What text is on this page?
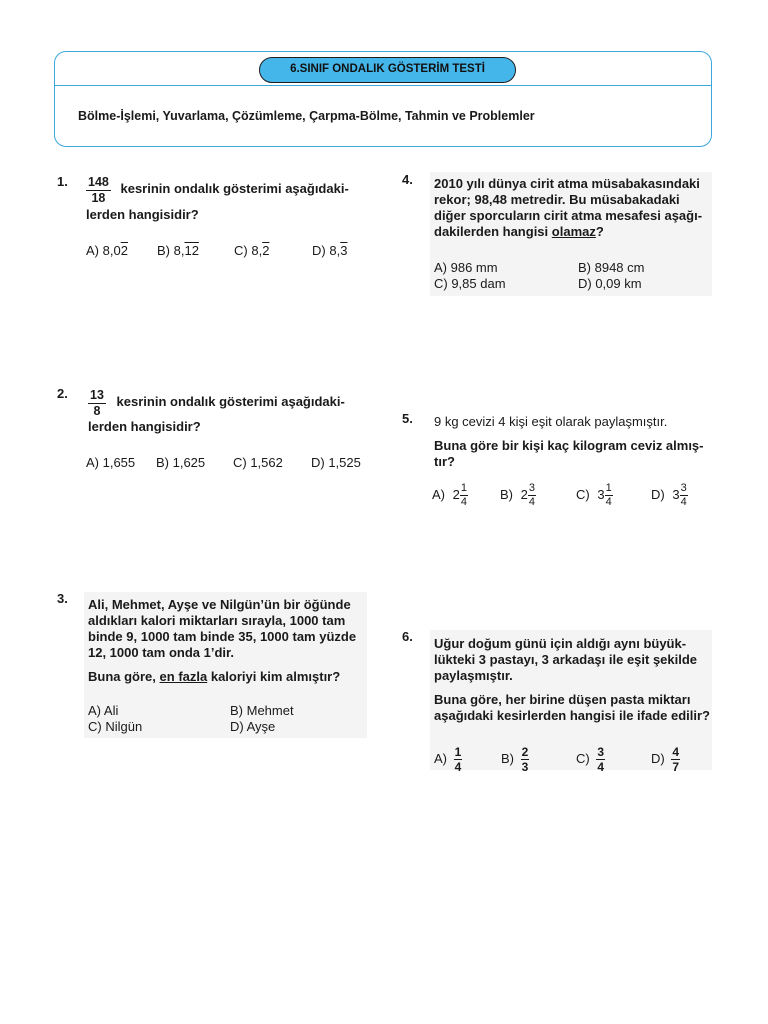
6.SINIF ONDALIK GÖSTERİM TESTİ
Bölme-İşlemi, Yuvarlama, Çözümleme, Çarpma-Bölme, Tahmin ve Problemler
1. $\frac{148}{18}$ kesrinin ondalık gösterimi aşağıdaki-
lerden hangisidir?
A) 8,02 B) 8,12	C) 8,2	D) 8,3
2. $\frac{13}{8}$ kesrinin ondalık gösterimi aşağıdaki-
lerden hangisidir?
A) 1,655 B) 1,625 C) 1,562 D) 1,525
3. Ali, Mehmet, Ayşe ve Nilgün’ün bir öğünde
aldıkları kalori miktarları sırayla, 1000 tam
binde 9, 1000 tam binde 35, 1000 tam yüzde
12, 1000 tam onda 1’dir.
Buna göre, en fazla kaloriyi kim almıştır?
A) Ali	B) Mehmet
C) Nilgün	D) Ayşe
4. 2010 yılı dünya cirit atma müsabakasındaki
rekor; 98,48 metredir. Bu müsabakadaki
diğer sporcuların cirit atma mesafesi aşağı-
dakilerden hangisi olamaz?
A) 986 mm	B) 8948 cm
C) 9,85 dam	D) 0,09 km
5. 9 kg cevizi 4 kişi eşit olarak paylaşmıştır.
Buna göre bir kişi kaç kilogram ceviz almış-
tır?
A) $2 \frac{1}{4} B$) $2 \frac{3}{4}$	C) $3 \frac{1}{4}$	D) $3 \frac{3}{4}$
6. Uğur doğum günü için aldığı aynı büyük-
lükteki 3 pastayı, 3 arkadaşı ile eşit şekilde
paylaşmıştır.
Buna göre, her birine düşen pasta miktarı
aşağıdaki kesirlerden hangisi ile ifade edilir?
$A) \frac{1}{4}$	$B) \frac{2}{3}$	$C) \frac{3}{4}$	$D) \frac{4}{7}$
